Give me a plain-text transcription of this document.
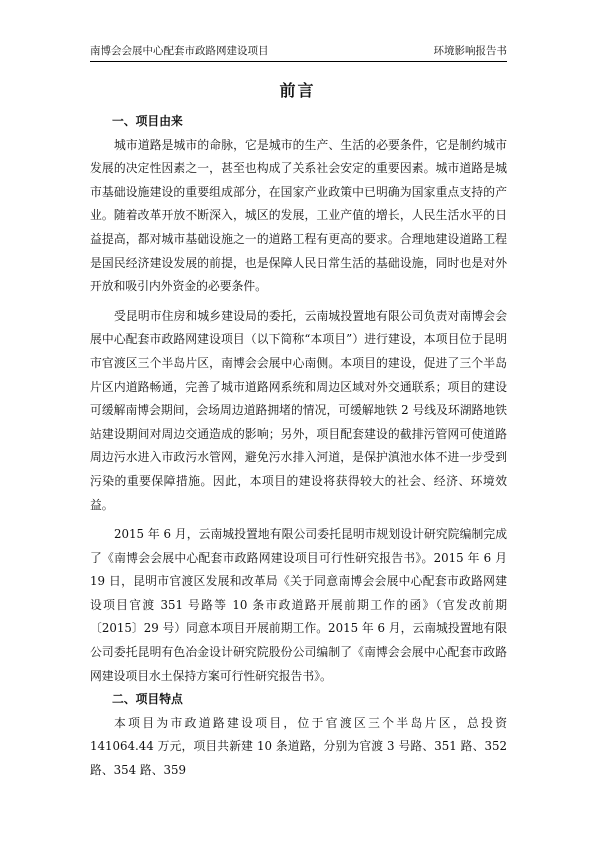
南博会会展中心配套市政路网建设项目	环境影响报告书
前言

一、项目由来

城市道路是城市的命脉，它是城市的生产、生活的必要条件，它是制约城市发展的决定性因素之一，甚至也构成了关系社会安定的重要因素。城市道路是城市基础设施建设的重要组成部分，在国家产业政策中已明确为国家重点支持的产业。随着改革开放不断深入，城区的发展，工业产值的增长，人民生活水平的日益提高，都对城市基础设施之一的道路工程有更高的要求。合理地建设道路工程是国民经济建设发展的前提，也是保障人民日常生活的基础设施，同时也是对外开放和吸引内外资金的必要条件。

受昆明市住房和城乡建设局的委托，云南城投置地有限公司负责对南博会会展中心配套市政路网建设项目（以下简称“本项目”）进行建设，本项目位于昆明市官渡区三个半岛片区，南博会会展中心南侧。本项目的建设，促进了三个半岛片区内道路畅通，完善了城市道路网系统和周边区域对外交通联系；项目的建设可缓解南博会期间，会场周边道路拥堵的情况，可缓解地铁 2 号线及环湖路地铁站建设期间对周边交通造成的影响；另外，项目配套建设的截排污管网可使道路周边污水进入市政污水管网，避免污水排入河道，是保护滇池水体不进一步受到污染的重要保障措施。因此，本项目的建设将获得较大的社会、经济、环境效益。

2015 年 6 月，云南城投置地有限公司委托昆明市规划设计研究院编制完成了《南博会会展中心配套市政路网建设项目可行性研究报告书》。2015 年 6 月 19 日，昆明市官渡区发展和改革局《关于同意南博会会展中心配套市政路网建设项目官渡 351 号路等 10 条市政道路开展前期工作的函》（官发改前期〔2015〕29 号）同意本项目开展前期工作。2015 年 6 月，云南城投置地有限公司委托昆明有色冶金设计研究院股份公司编制了《南博会会展中心配套市政路网建设项目水土保持方案可行性研究报告书》。

二、项目特点

本项目为市政道路建设项目，位于官渡区三个半岛片区，总投资 141064.44 万元，项目共新建 10 条道路，分别为官渡 3 号路、351 路、352 路、354 路、359
